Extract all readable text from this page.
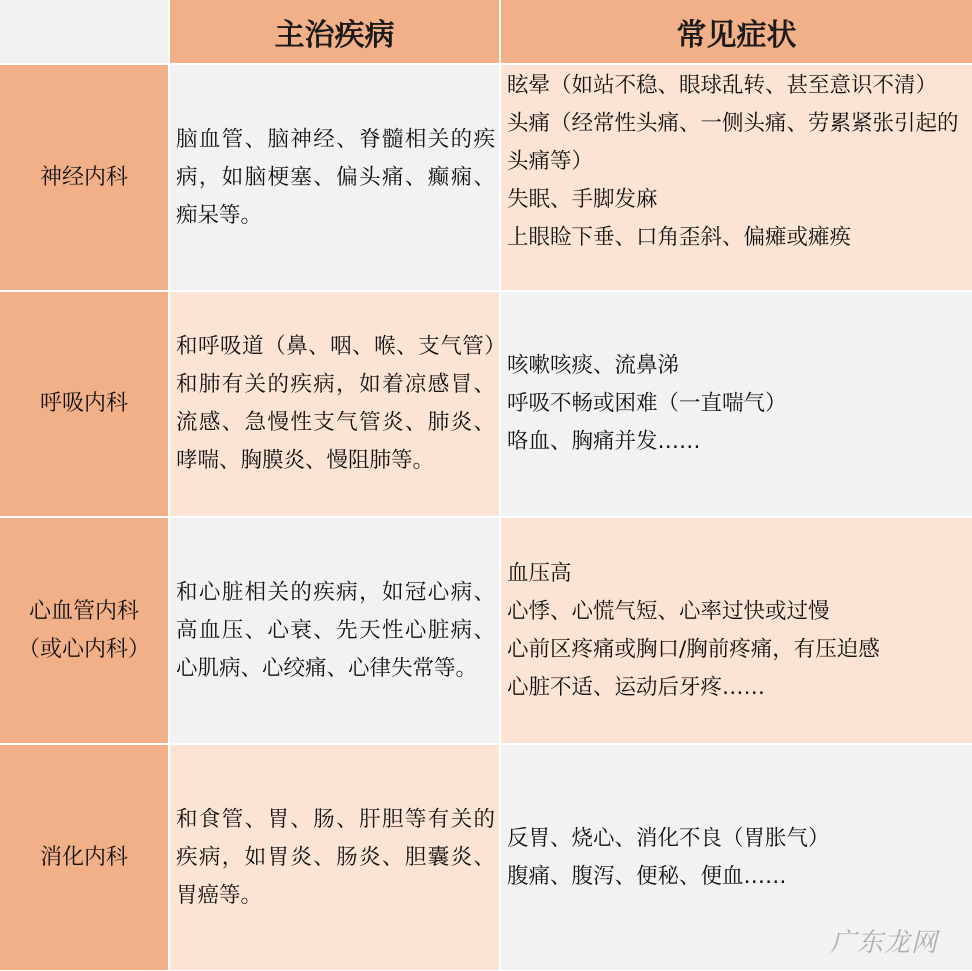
主治疾病	常见症状
神经内科

脑血管、脑神经、脊髓相关的疾病，如脑梗塞、偏头痛、癫痫、痴呆等。

眩晕（如站不稳、眼球乱转、甚至意识不清）
头痛（经常性头痛、一侧头痛、劳累紧张引起的头痛等）
失眠、手脚发麻
上眼睑下垂、口角歪斜、偏瘫或瘫痪
呼吸内科

和呼吸道（鼻、咽、喉、支气管）和肺有关的疾病，如着凉感冒、流感、急慢性支气管炎、肺炎、哮喘、胸膜炎、慢阻肺等。

咳嗽咳痰、流鼻涕
呼吸不畅或困难（一直喘气）
咯血、胸痛并发……
心血管内科
（或心内科）

和心脏相关的疾病，如冠心病、高血压、心衰、先天性心脏病、心肌病、心绞痛、心律失常等。

血压高
心悸、心慌气短、心率过快或过慢
心前区疼痛或胸口/胸前疼痛，有压迫感
心脏不适、运动后牙疼……
消化内科

和食管、胃、肠、肝胆等有关的疾病，如胃炎、肠炎、胆囊炎、胃癌等。

反胃、烧心、消化不良（胃胀气）
腹痛、腹泻、便秘、便血……
广东龙网
